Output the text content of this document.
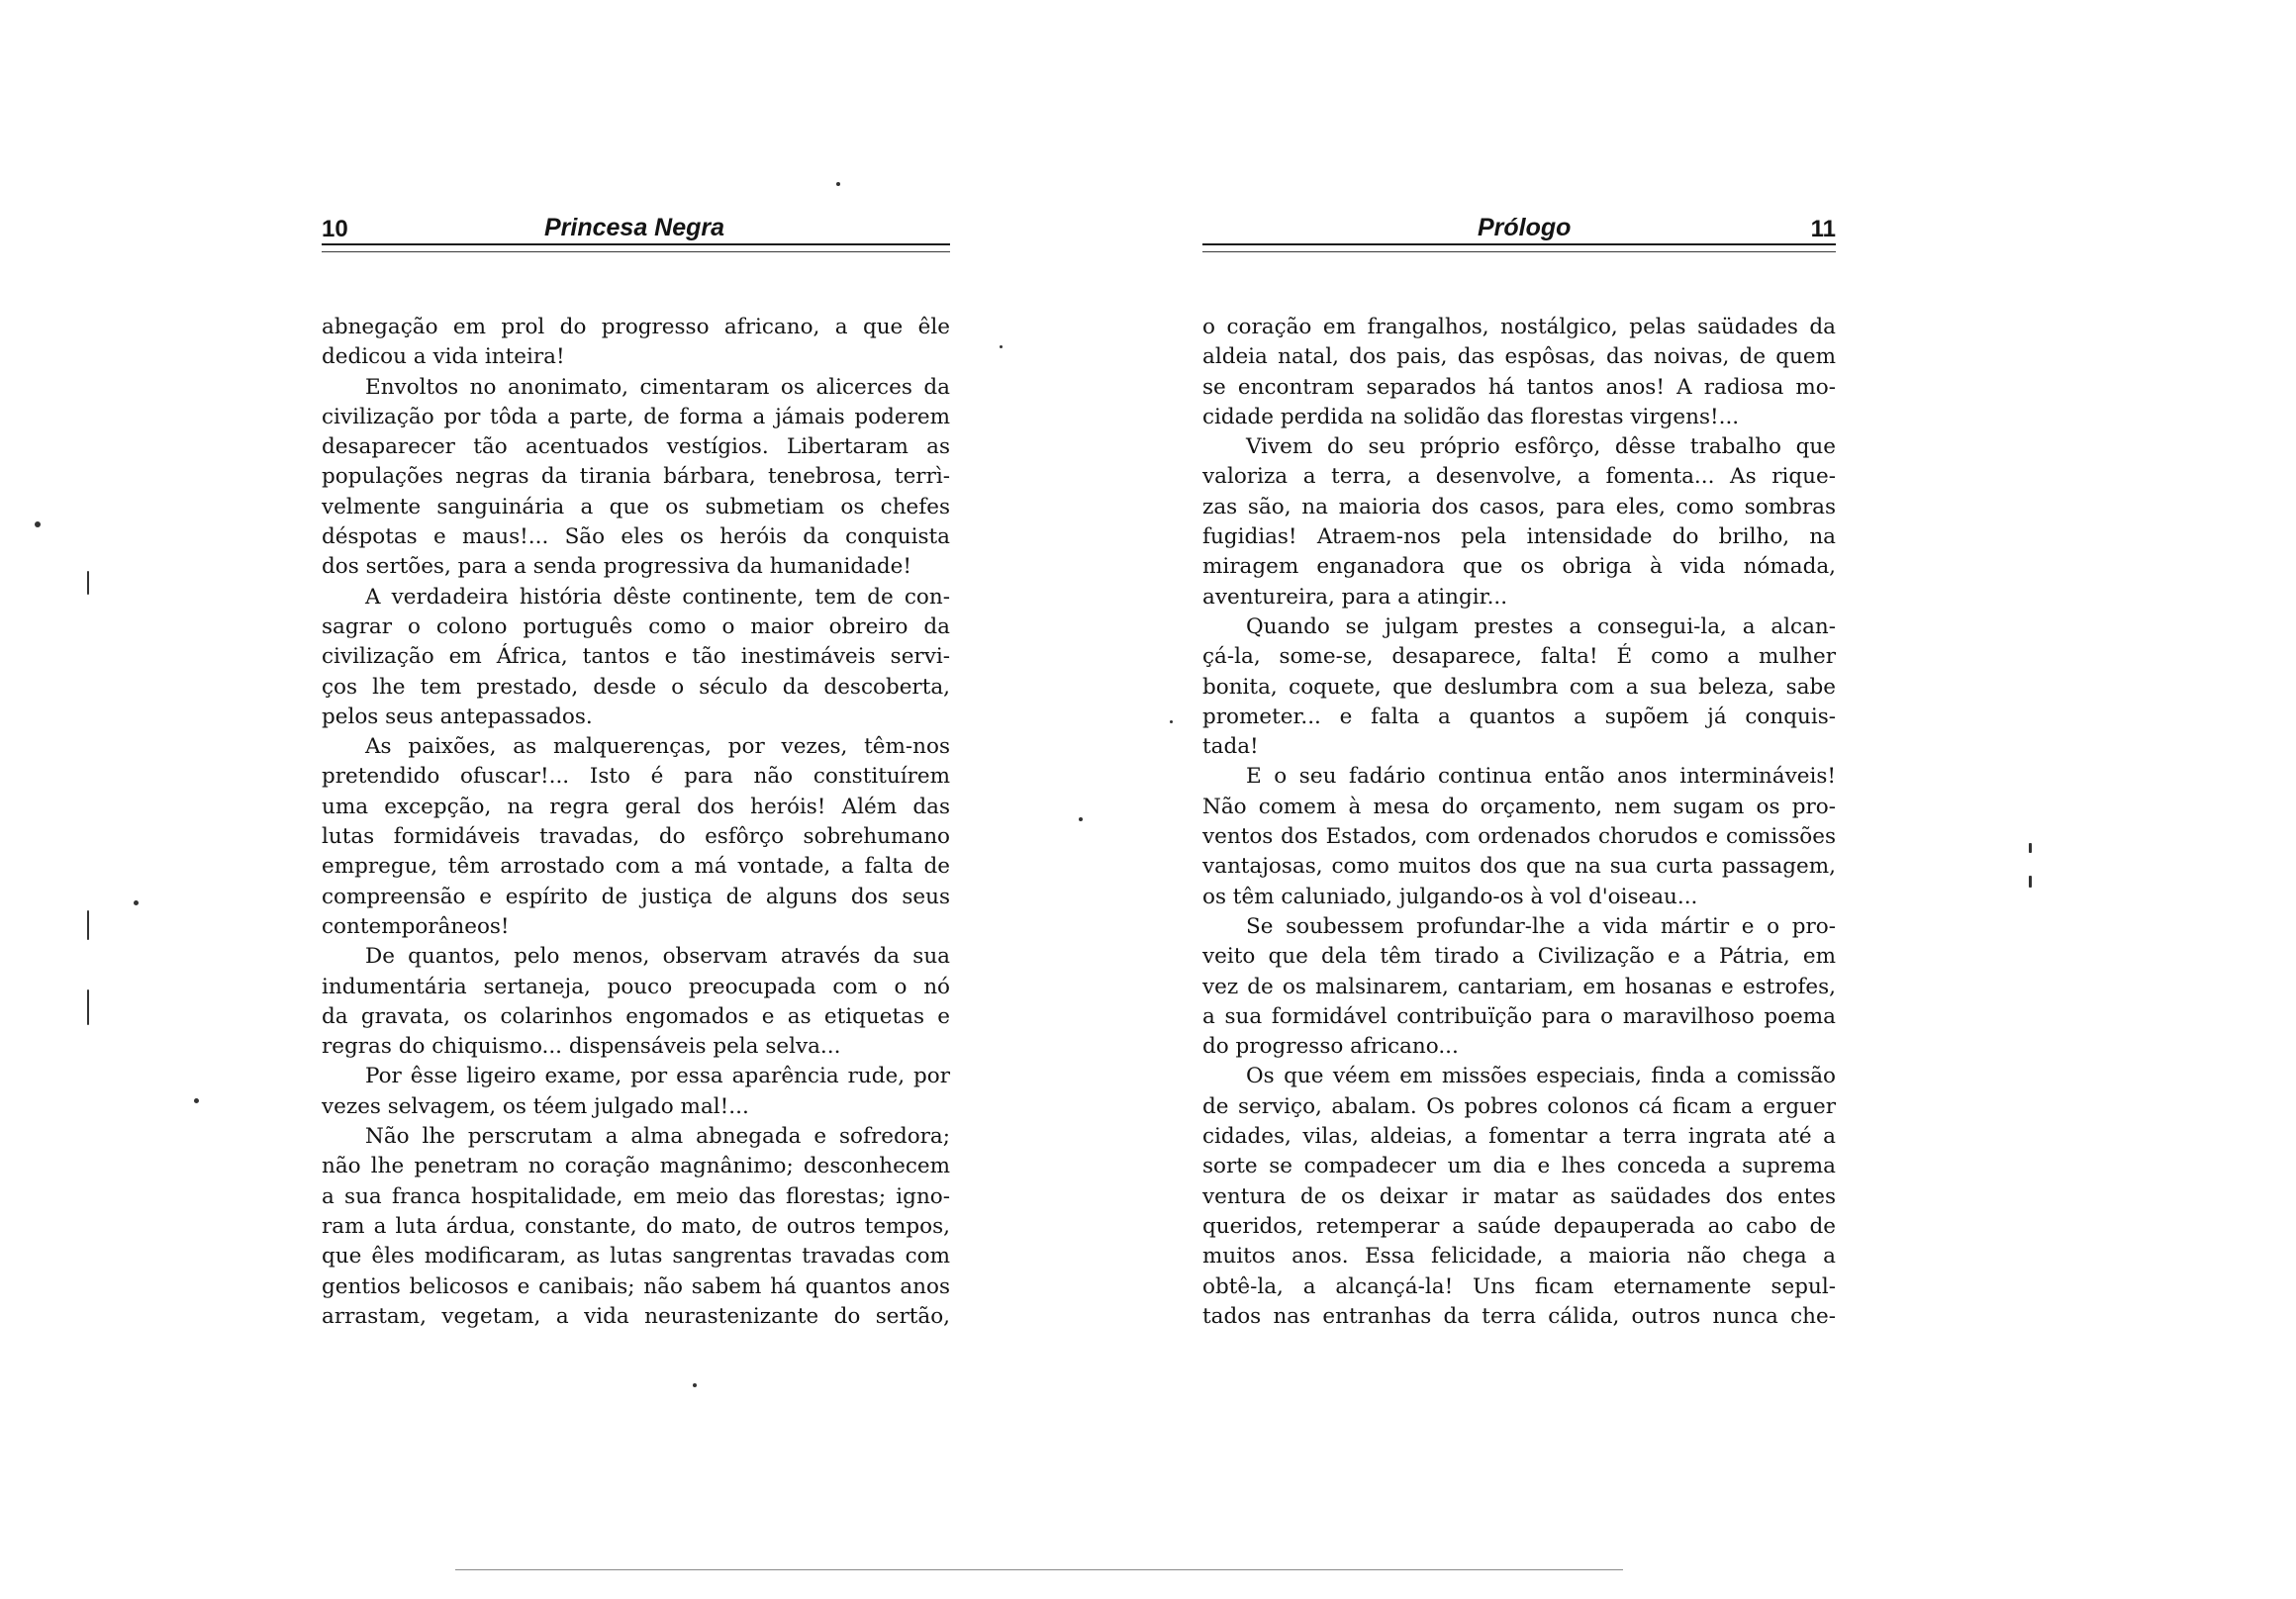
10	Princesa Negra
abnegação em prol do progresso africano, a que êle
dedicou a vida inteira!
Envoltos no anonimato, cimentaram os alicerces da
civilização por tôda a parte, de forma a jámais poderem
desaparecer tão acentuados vestígios. Libertaram as
populações negras da tirania bárbara, tenebrosa, terrì-
velmente sanguinária a que os submetiam os chefes
déspotas e maus!... São eles os heróis da conquista
dos sertões, para a senda progressiva da humanidade!
A verdadeira história dêste continente, tem de con-
sagrar o colono português como o maior obreiro da
civilização em África, tantos e tão inestimáveis servi-
ços lhe tem prestado, desde o século da descoberta,
pelos seus antepassados.
As paixões, as malquerenças, por vezes, têm-nos
pretendido ofuscar!... Isto é para não constituírem
uma excepção, na regra geral dos heróis! Além das
lutas formidáveis travadas, do esfôrço sobrehumano
empregue, têm arrostado com a má vontade, a falta de
compreensão e espírito de justiça de alguns dos seus
contemporâneos!
De quantos, pelo menos, observam através da sua
indumentária sertaneja, pouco preocupada com o nó
da gravata, os colarinhos engomados e as etiquetas e
regras do chiquismo... dispensáveis pela selva...
Por êsse ligeiro exame, por essa aparência rude, por
vezes selvagem, os téem julgado mal!...
Não lhe perscrutam a alma abnegada e sofredora;
não lhe penetram no coração magnânimo; desconhecem
a sua franca hospitalidade, em meio das florestas; igno-
ram a luta árdua, constante, do mato, de outros tempos,
que êles modificaram, as lutas sangrentas travadas com
gentios belicosos e canibais; não sabem há quantos anos
arrastam, vegetam, a vida neurastenizante do sertão,
Prólogo	11
o coração em frangalhos, nostálgico, pelas saüdades da
aldeia natal, dos pais, das espôsas, das noivas, de quem
se encontram separados há tantos anos! A radiosa mo-
cidade perdida na solidão das florestas virgens!...
Vivem do seu próprio esfôrço, dêsse trabalho que
valoriza a terra, a desenvolve, a fomenta... As rique-
zas são, na maioria dos casos, para eles, como sombras
fugidias! Atraem-nos pela intensidade do brilho, na
miragem enganadora que os obriga à vida nómada,
aventureira, para a atingir...
Quando se julgam prestes a consegui-la, a alcan-
çá-la, some-se, desaparece, falta! É como a mulher
bonita, coquete, que deslumbra com a sua beleza, sabe
prometer... e falta a quantos a supõem já conquis-
tada!
E o seu fadário continua então anos intermináveis!
Não comem à mesa do orçamento, nem sugam os pro-
ventos dos Estados, com ordenados chorudos e comissões
vantajosas, como muitos dos que na sua curta passagem,
os têm caluniado, julgando-os à vol d'oiseau...
Se soubessem profundar-lhe a vida mártir e o pro-
veito que dela têm tirado a Civilização e a Pátria, em
vez de os malsinarem, cantariam, em hosanas e estrofes,
a sua formidável contribuïção para o maravilhoso poema
do progresso africano...
Os que véem em missões especiais, finda a comissão
de serviço, abalam. Os pobres colonos cá ficam a erguer
cidades, vilas, aldeias, a fomentar a terra ingrata até a
sorte se compadecer um dia e lhes conceda a suprema
ventura de os deixar ir matar as saüdades dos entes
queridos, retemperar a saúde depauperada ao cabo de
muitos anos. Essa felicidade, a maioria não chega a
obtê-la, a alcançá-la! Uns ficam eternamente sepul-
tados nas entranhas da terra cálida, outros nunca che-
